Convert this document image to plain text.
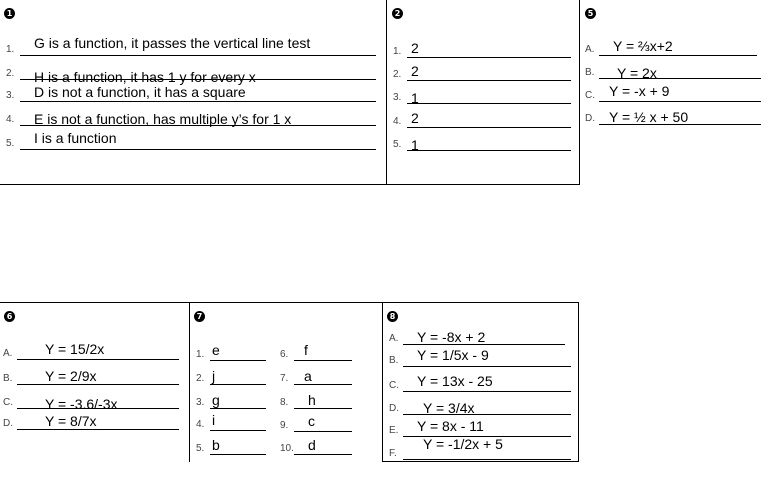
1
1. G is a function, it passes the vertical line test
2. H is a function, it has 1 y for every x
3. D is not a function, it has a square
4. E is not a function, has multiple y’s for 1 x
5. I is a function
2
1. 2
2. 2
3. 1
4. 2
5. 1
5
A. Y = ⅔x+2
B. Y = 2x
C. Y = -x + 9
D. Y = ½ x + 50
6
A. Y = 15/2x
B. Y = 2/9x
C. Y = -3.6/-3x
D. Y = 8/7x
7
1. e
2. j
3. g
4. i
5. b
6. f
7. a
8. h
9. c
10. d
8
A. Y = -8x + 2
B. Y = 1/5x - 9
C. Y = 13x - 25
D. Y = 3/4x
E. Y = 8x - 11
F.
Y = -1/2x + 5
